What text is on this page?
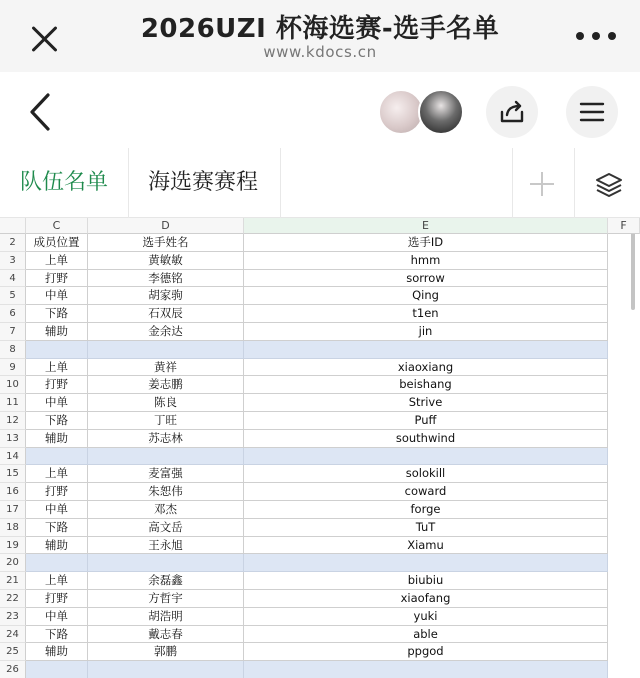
2026UZI 杯海选赛-选手名单
www.kdocs.cn
队伍名单 海选赛赛程
C	D	E	F
2	成员位置	选手姓名	选手ID
3	上单	黄敏敏	hmm
4	打野	李德铭	sorrow
5	中单	胡家驹	Qing
6	下路	石双辰	t1en
7	辅助	金余达	jin
8
9	上单	黄祥	xiaoxiang
10	打野	姜志鹏	beishang
11	中单	陈良	Strive
12	下路	丁旺	Puff
13	辅助	苏志林	southwind
14
15	上单	麦富强	solokill
16	打野	朱恕伟	coward
17	中单	邓杰	forge
18	下路	高文岳	TuT
19	辅助	王永旭	Xiamu
20
21	上单	余磊鑫	biubiu
22	打野	方哲宇	xiaofang
23	中单	胡浩明	yuki
24	下路	戴志春	able
25	辅助	郭鹏	ppgod
26
